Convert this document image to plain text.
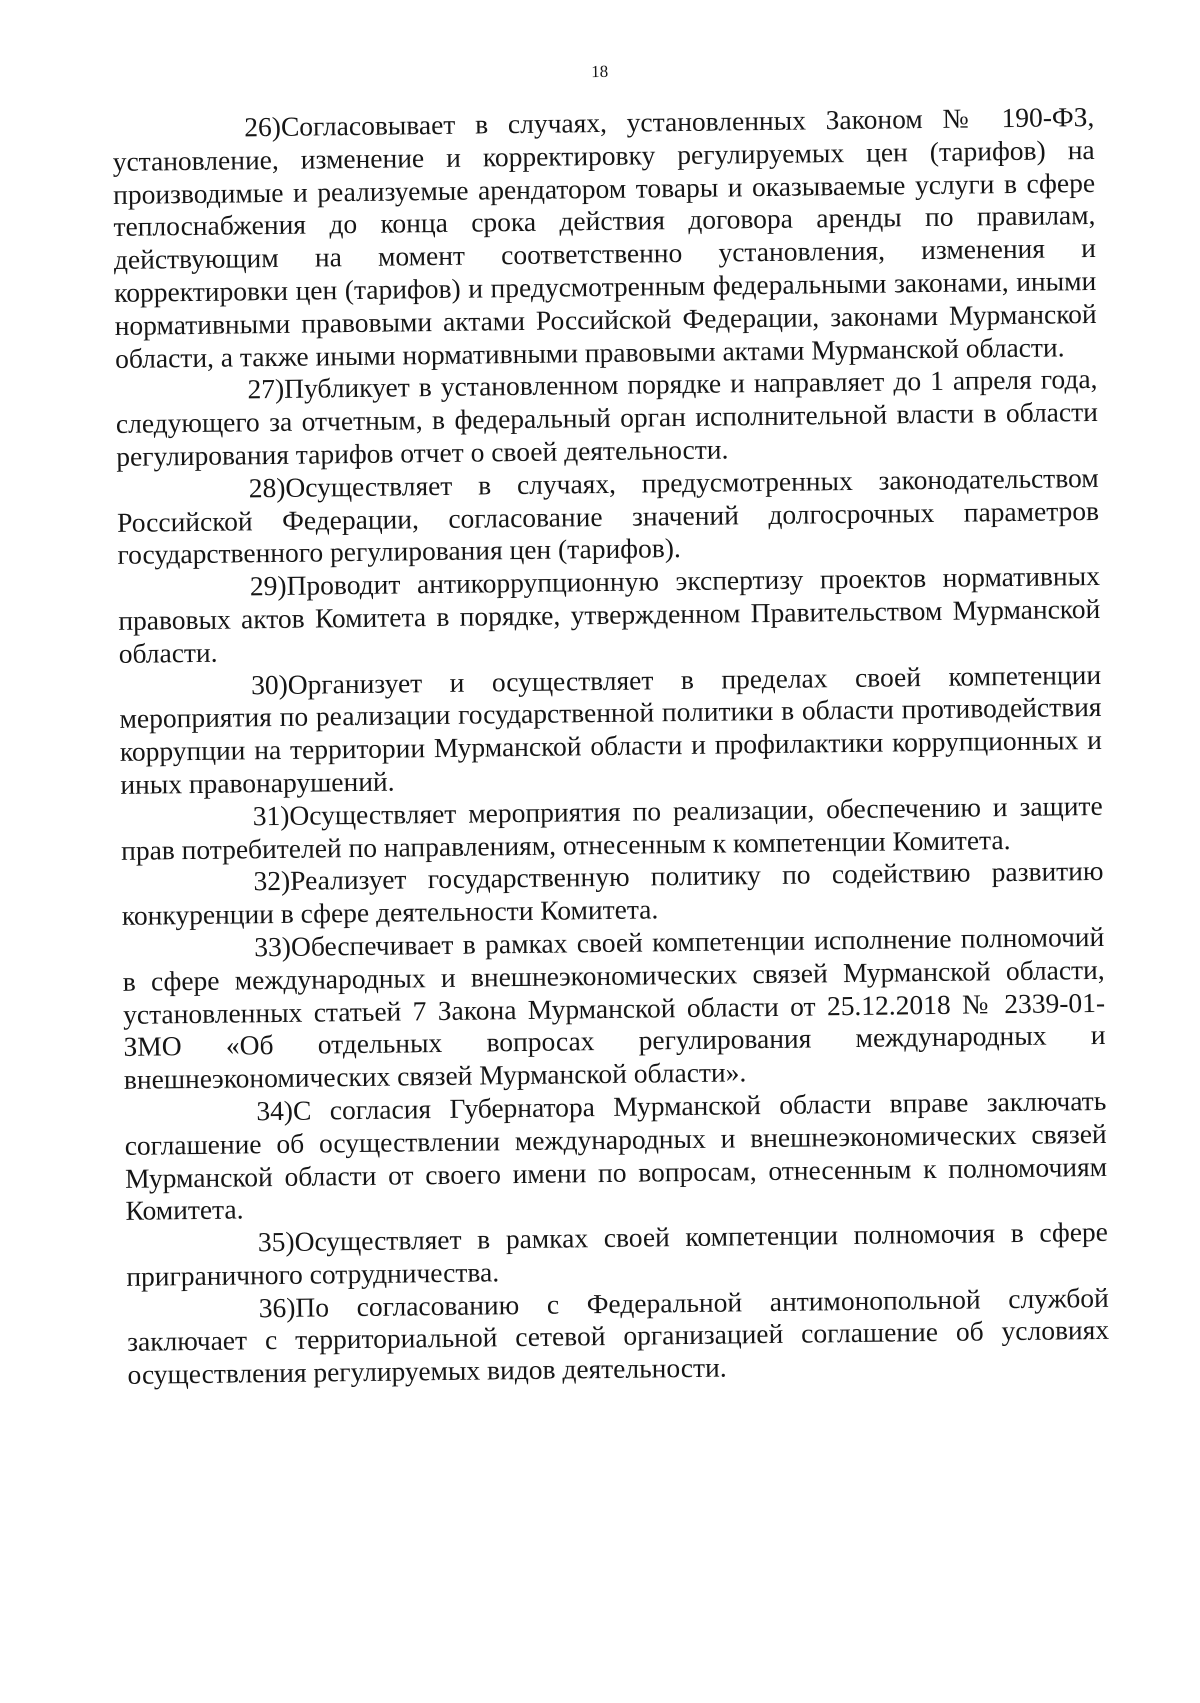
18

26)Согласовывает в случаях, установленных Законом № 190-ФЗ, установление, изменение и корректировку регулируемых цен (тарифов) на производимые и реализуемые арендатором товары и оказываемые услуги в сфере теплоснабжения до конца срока действия договора аренды по правилам, действующим на момент соответственно установления, изменения и корректировки цен (тарифов) и предусмотренным федеральными законами, иными нормативными правовыми актами Российской Федерации, законами Мурманской области, а также иными нормативными правовыми актами Мурманской области.

27)Публикует в установленном порядке и направляет до 1 апреля года, следующего за отчетным, в федеральный орган исполнительной власти в области регулирования тарифов отчет о своей деятельности.

28)Осуществляет в случаях, предусмотренных законодательством Российской Федерации, согласование значений долгосрочных параметров государственного регулирования цен (тарифов).

29)Проводит антикоррупционную экспертизу проектов нормативных правовых актов Комитета в порядке, утвержденном Правительством Мурманской области.

30)Организует и осуществляет в пределах своей компетенции мероприятия по реализации государственной политики в области противодействия коррупции на территории Мурманской области и профилактики коррупционных и иных правонарушений.

31)Осуществляет мероприятия по реализации, обеспечению и защите прав потребителей по направлениям, отнесенным к компетенции Комитета.

32)Реализует государственную политику по содействию развитию конкуренции в сфере деятельности Комитета.

33)Обеспечивает в рамках своей компетенции исполнение полномочий в сфере международных и внешнеэкономических связей Мурманской области, установленных статьей 7 Закона Мурманской области от 25.12.2018 № 2339-01-ЗМО «Об отдельных вопросах регулирования международных и внешнеэкономических связей Мурманской области».

34)С согласия Губернатора Мурманской области вправе заключать соглашение об осуществлении международных и внешнеэкономических связей Мурманской области от своего имени по вопросам, отнесенным к полномочиям Комитета.

35)Осуществляет в рамках своей компетенции полномочия в сфере приграничного сотрудничества.

36)По согласованию с Федеральной антимонопольной службой заключает с территориальной сетевой организацией соглашение об условиях осуществления регулируемых видов деятельности.
